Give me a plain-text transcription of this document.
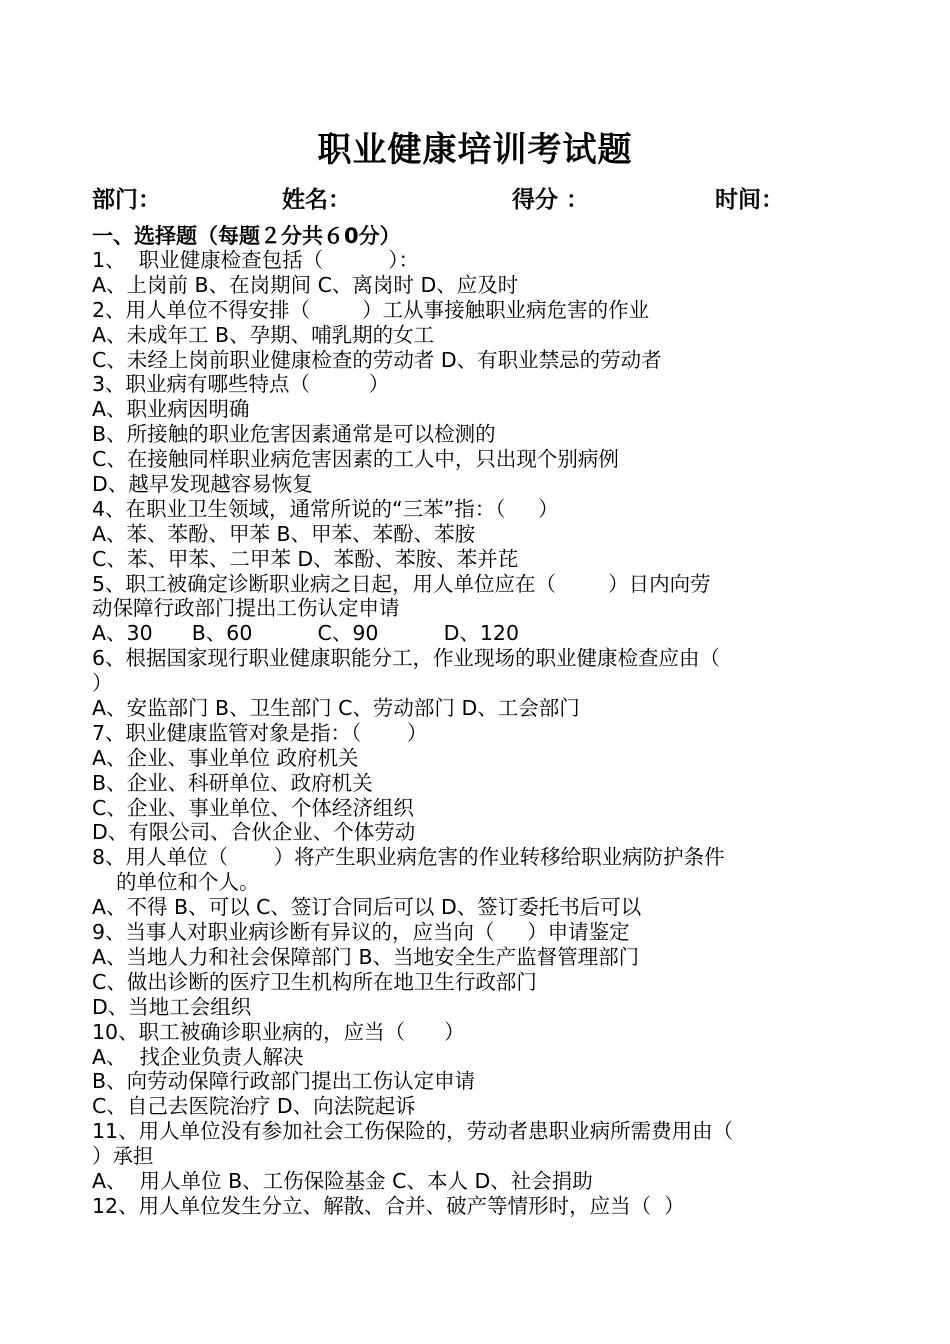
职业健康培训考试题
部门：	姓名：	得分 ：	时间：
一、选择题（每题２分共６0分）
1、  职业健康检查包括（          ）：
A、上岗前 B、在岗期间 C、离岗时 D、应及时
2、用人单位不得安排（        ）工从事接触职业病危害的作业
A、未成年工 B、孕期、哺乳期的女工
C、未经上岗前职业健康检查的劳动者 D、有职业禁忌的劳动者
3、职业病有哪些特点（         ）
A、职业病因明确
B、所接触的职业危害因素通常是可以检测的
C、在接触同样职业病危害因素的工人中，只出现个别病例
D、越早发现越容易恢复
4、在职业卫生领域，通常所说的“三苯”指：（     ）
A、苯、苯酚、甲苯 B、甲苯、苯酚、苯胺
C、苯、甲苯、二甲苯 D、苯酚、苯胺、苯并芘
5、职工被确定诊断职业病之日起，用人单位应在（        ）日内向劳
动保障行政部门提出工伤认定申请
A、30      B、60          C、90          D、120
6、根据国家现行职业健康职能分工，作业现场的职业健康检查应由（
）
A、安监部门 B、卫生部门 C、劳动部门 D、工会部门
7、职业健康监管对象是指：（       ）
A、企业、事业单位 政府机关
B、企业、科研单位、政府机关
C、企业、事业单位、个体经济组织
D、有限公司、合伙企业、个体劳动
8、用人单位（       ）将产生职业病危害的作业转移给职业病防护条件
的单位和个人。
A、不得 B、可以 C、签订合同后可以 D、签订委托书后可以
9、当事人对职业病诊断有异议的，应当向（     ）申请鉴定
A、当地人力和社会保障部门 B、当地安全生产监督管理部门
C、做出诊断的医疗卫生机构所在地卫生行政部门
D、当地工会组织
10、职工被确诊职业病的，应当（      ）
A、  找企业负责人解决
B、向劳动保障行政部门提出工伤认定申请
C、自己去医院治疗 D、向法院起诉
11、用人单位没有参加社会工伤保险的，劳动者患职业病所需费用由（
）承担
A、  用人单位 B、工伤保险基金 C、本人 D、社会捐助
12、用人单位发生分立、解散、合并、破产等情形时，应当（  ）
